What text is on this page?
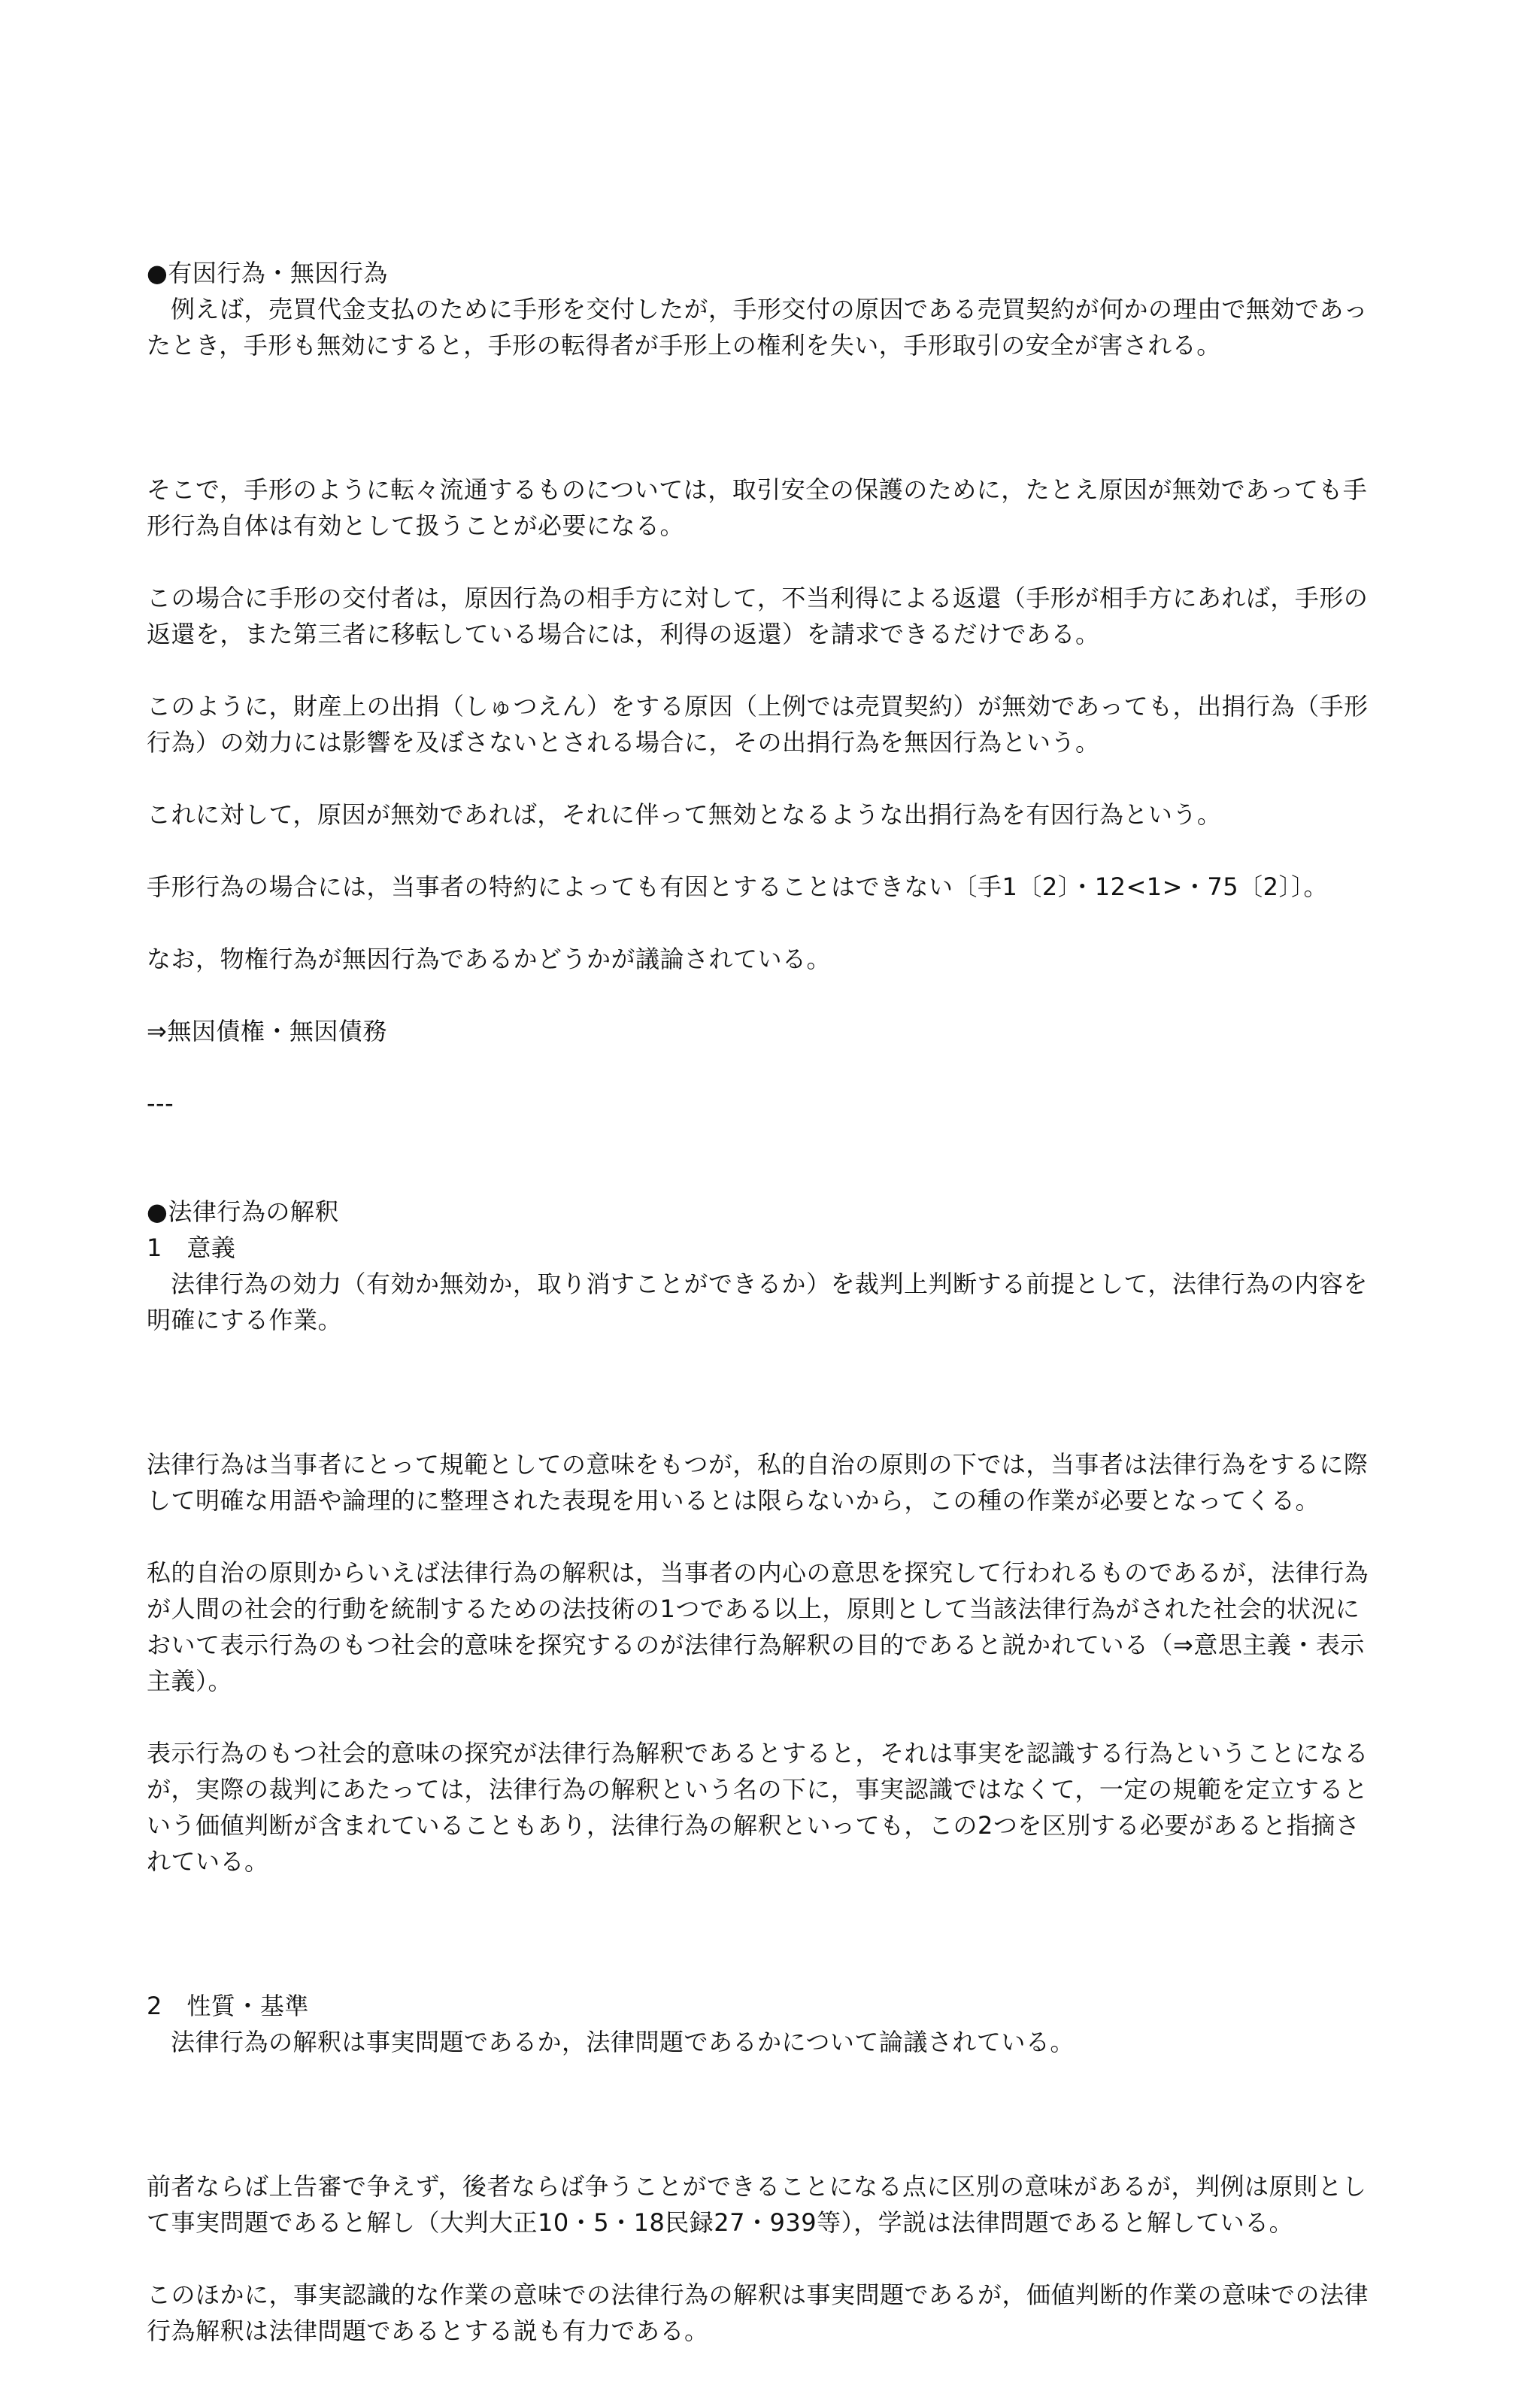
●有因行為・無因行為
例えば，売買代金支払のために手形を交付したが，手形交付の原因である売買契約が何かの理由で無効であったとき，手形も無効にすると，手形の転得者が手形上の権利を失い，手形取引の安全が害される。

そこで，手形のように転々流通するものについては，取引安全の保護のために，たとえ原因が無効であっても手形行為自体は有効として扱うことが必要になる。

この場合に手形の交付者は，原因行為の相手方に対して，不当利得による返還（手形が相手方にあれば，手形の返還を，また第三者に移転している場合には，利得の返還）を請求できるだけである。

このように，財産上の出捐（しゅつえん）をする原因（上例では売買契約）が無効であっても，出捐行為（手形行為）の効力には影響を及ぼさないとされる場合に，その出捐行為を無因行為という。

これに対して，原因が無効であれば，それに伴って無効となるような出捐行為を有因行為という。

手形行為の場合には，当事者の特約によっても有因とすることはできない〔手1〔2〕・12<1>・75〔2〕〕。

なお，物権行為が無因行為であるかどうかが議論されている。

⇒無因債権・無因債務

---

●法律行為の解釈
1　意義
法律行為の効力（有効か無効か，取り消すことができるか）を裁判上判断する前提として，法律行為の内容を明確にする作業。

法律行為は当事者にとって規範としての意味をもつが，私的自治の原則の下では，当事者は法律行為をするに際して明確な用語や論理的に整理された表現を用いるとは限らないから，この種の作業が必要となってくる。

私的自治の原則からいえば法律行為の解釈は，当事者の内心の意思を探究して行われるものであるが，法律行為が人間の社会的行動を統制するための法技術の1つである以上，原則として当該法律行為がされた社会的状況において表示行為のもつ社会的意味を探究するのが法律行為解釈の目的であると説かれている（⇒意思主義・表示主義）。

表示行為のもつ社会的意味の探究が法律行為解釈であるとすると，それは事実を認識する行為ということになるが，実際の裁判にあたっては，法律行為の解釈という名の下に，事実認識ではなくて，一定の規範を定立するという価値判断が含まれていることもあり，法律行為の解釈といっても，この2つを区別する必要があると指摘されている。

2　性質・基準
法律行為の解釈は事実問題であるか，法律問題であるかについて論議されている。

前者ならば上告審で争えず，後者ならば争うことができることになる点に区別の意味があるが，判例は原則として事実問題であると解し（大判大正10・5・18民録27・939等），学説は法律問題であると解している。

このほかに，事実認識的な作業の意味での法律行為の解釈は事実問題であるが，価値判断的作業の意味での法律行為解釈は法律問題であるとする説も有力である。
